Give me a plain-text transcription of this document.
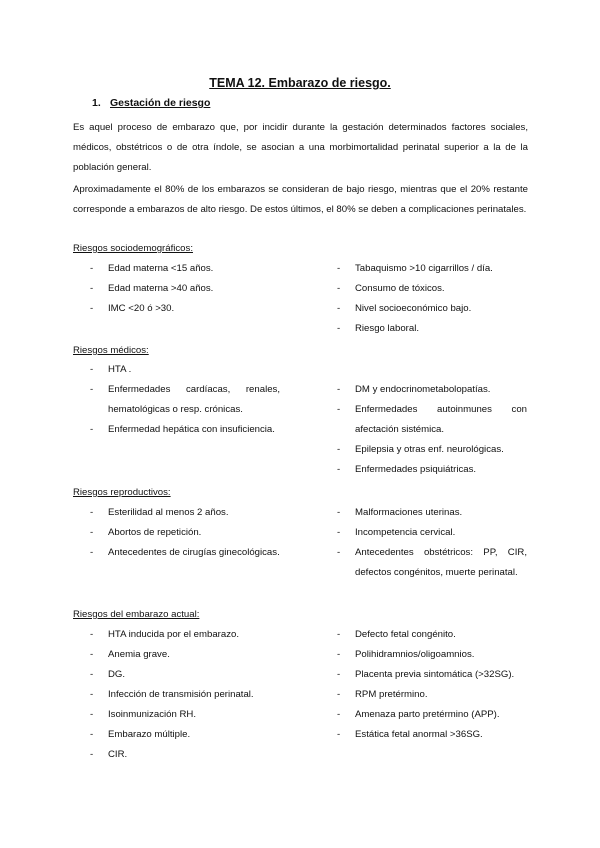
TEMA 12. Embarazo de riesgo.
1. Gestación de riesgo

Es aquel proceso de embarazo que, por incidir durante la gestación determinados factores sociales, médicos, obstétricos o de otra índole, se asocian a una morbimortalidad perinatal superior a la de la población general.

Aproximadamente el 80% de los embarazos se consideran de bajo riesgo, mientras que el 20% restante corresponde a embarazos de alto riesgo. De estos últimos, el 80% se deben a complicaciones perinatales.

Riesgos sociodemográficos:
-	Edad materna <15 años.
-	Edad materna >40 años.
-	IMC <20 ó >30.
-	Tabaquismo >10 cigarrillos / día.
-	Consumo de tóxicos.
-	Nivel socioeconómico bajo.
-	Riesgo laboral.
Riesgos médicos:
-	HTA .
-	Enfermedades cardíacas, renales, hematológicas o resp. crónicas.
-	Enfermedad hepática con insuficiencia.
-	DM y endocrinometabolopatías.
-	Enfermedades autoinmunes con afectación sistémica.
-	Epilepsia y otras enf. neurológicas.
-	Enfermedades psiquiátricas.
Riesgos reproductivos:
-	Esterilidad al menos 2 años.
-	Abortos de repetición.
-	Antecedentes de cirugías ginecológicas.
-	Malformaciones uterinas.
-	Incompetencia cervical.
-	Antecedentes obstétricos: PP, CIR, defectos congénitos, muerte perinatal.
Riesgos del embarazo actual:
-	HTA inducida por el embarazo.
-	Anemia grave.
-	DG.
-	Infección de transmisión perinatal.
-	Isoinmunización RH.
-	Embarazo múltiple.
-	CIR.
-	Defecto fetal congénito.
-	Polihidramnios/oligoamnios.
-	Placenta previa sintomática (>32SG).
-	RPM pretérmino.
-	Amenaza parto pretérmino (APP).
-	Estática fetal anormal >36SG.
